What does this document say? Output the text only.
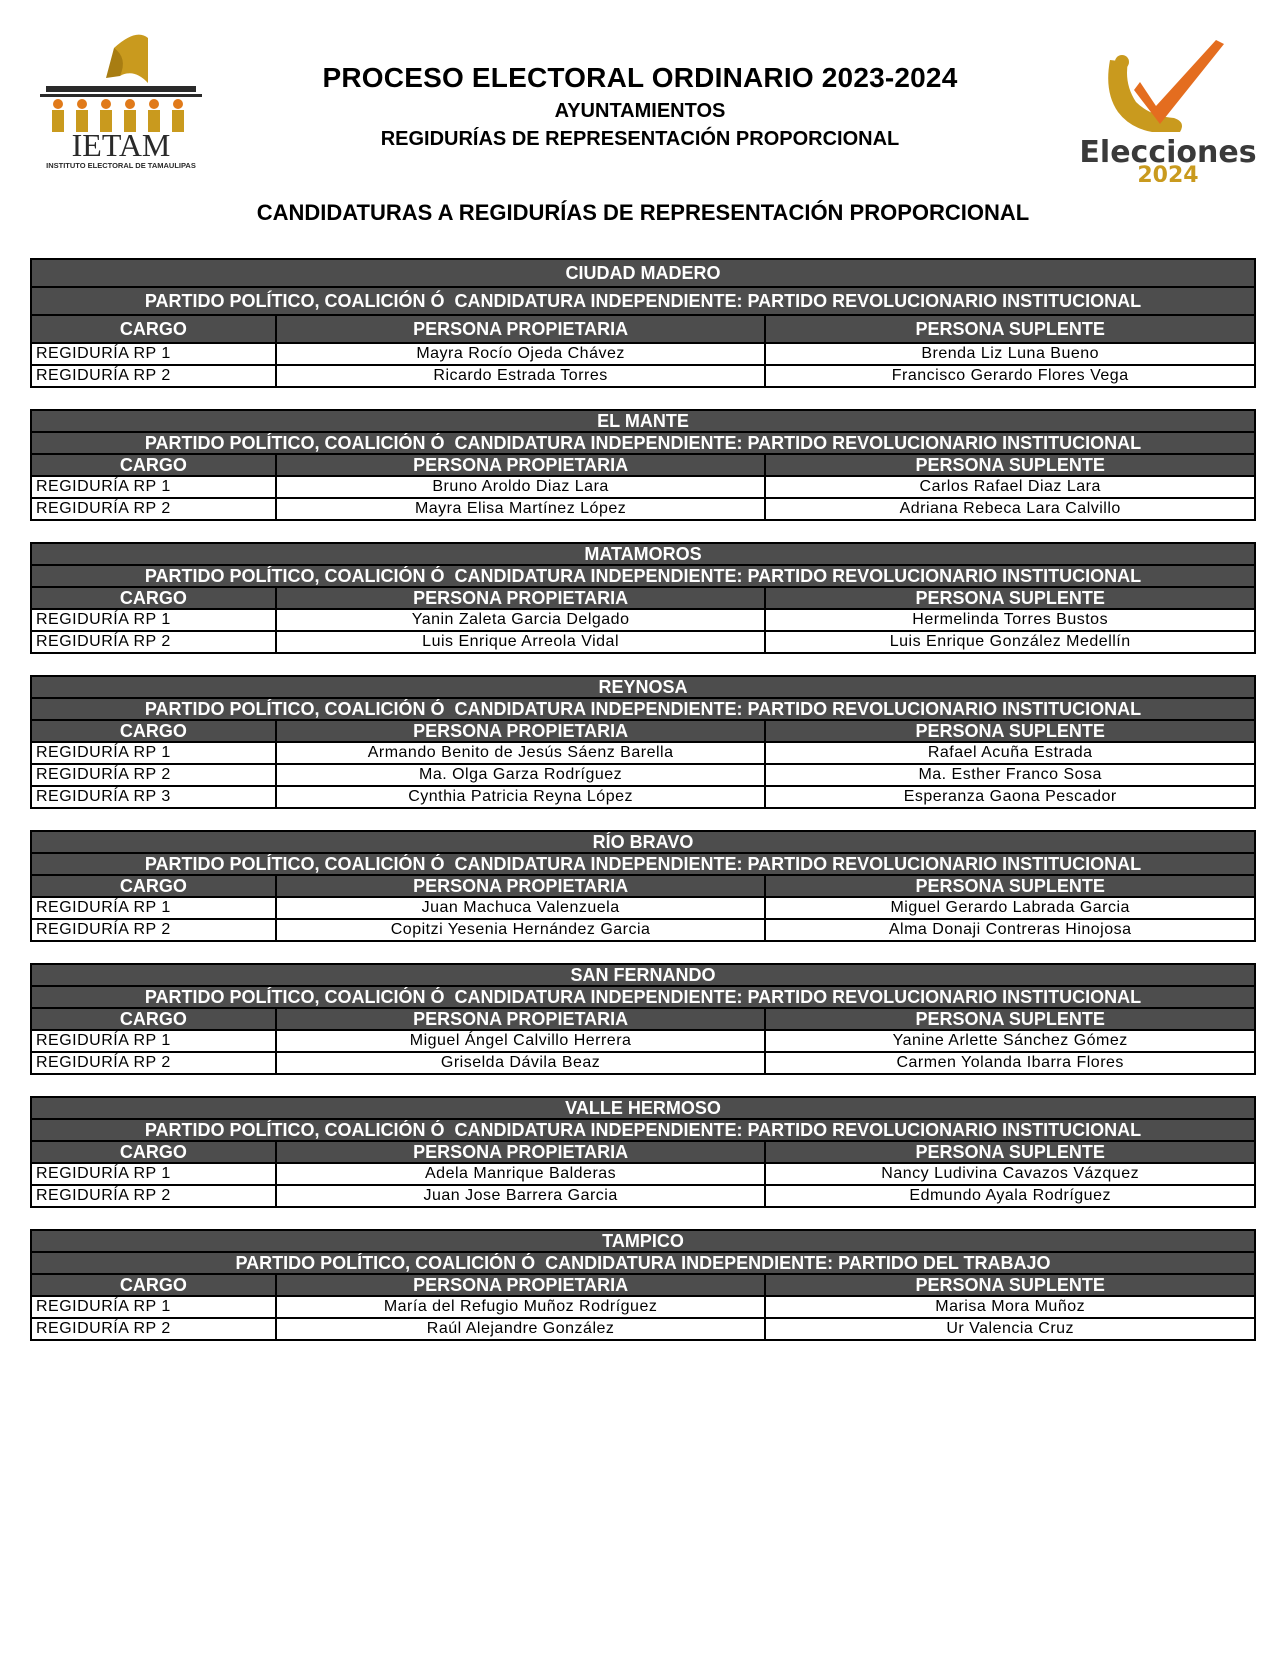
IETAM
INSTITUTO ELECTORAL DE TAMAULIPAS	Elecciones
2024
PROCESO ELECTORAL ORDINARIO 2023-2024
AYUNTAMIENTOS
REGIDURÍAS DE REPRESENTACIÓN PROPORCIONAL
CANDIDATURAS A REGIDURÍAS DE REPRESENTACIÓN PROPORCIONAL
CIUDAD MADERO		
PARTIDO POLÍTICO, COALICIÓN Ó  CANDIDATURA INDEPENDIENTE: PARTIDO REVOLUCIONARIO INSTITUCIONAL		
CARGO	PERSONA PROPIETARIA	PERSONA SUPLENTE
REGIDURÍA RP 1	Mayra Rocío Ojeda Chávez	Brenda Liz Luna Bueno
REGIDURÍA RP 2	Ricardo Estrada Torres	Francisco Gerardo Flores Vega
EL MANTE		
PARTIDO POLÍTICO, COALICIÓN Ó  CANDIDATURA INDEPENDIENTE: PARTIDO REVOLUCIONARIO INSTITUCIONAL		
CARGO	PERSONA PROPIETARIA	PERSONA SUPLENTE
REGIDURÍA RP 1	Bruno Aroldo Diaz Lara	Carlos Rafael Diaz Lara
REGIDURÍA RP 2	Mayra Elisa Martínez López	Adriana Rebeca Lara Calvillo
MATAMOROS		
PARTIDO POLÍTICO, COALICIÓN Ó  CANDIDATURA INDEPENDIENTE: PARTIDO REVOLUCIONARIO INSTITUCIONAL		
CARGO	PERSONA PROPIETARIA	PERSONA SUPLENTE
REGIDURÍA RP 1	Yanin Zaleta Garcia Delgado	Hermelinda Torres Bustos
REGIDURÍA RP 2	Luis Enrique Arreola Vidal	Luis Enrique González Medellín
REYNOSA		
PARTIDO POLÍTICO, COALICIÓN Ó  CANDIDATURA INDEPENDIENTE: PARTIDO REVOLUCIONARIO INSTITUCIONAL		
CARGO	PERSONA PROPIETARIA	PERSONA SUPLENTE
REGIDURÍA RP 1	Armando Benito de Jesús Sáenz Barella	Rafael Acuña Estrada
REGIDURÍA RP 2	Ma. Olga Garza Rodríguez	Ma. Esther Franco Sosa
REGIDURÍA RP 3	Cynthia Patricia Reyna López	Esperanza Gaona Pescador
RÍO BRAVO		
PARTIDO POLÍTICO, COALICIÓN Ó  CANDIDATURA INDEPENDIENTE: PARTIDO REVOLUCIONARIO INSTITUCIONAL		
CARGO	PERSONA PROPIETARIA	PERSONA SUPLENTE
REGIDURÍA RP 1	Juan Machuca Valenzuela	Miguel Gerardo Labrada Garcia
REGIDURÍA RP 2	Copitzi Yesenia Hernández Garcia	Alma Donaji Contreras Hinojosa
SAN FERNANDO		
PARTIDO POLÍTICO, COALICIÓN Ó  CANDIDATURA INDEPENDIENTE: PARTIDO REVOLUCIONARIO INSTITUCIONAL		
CARGO	PERSONA PROPIETARIA	PERSONA SUPLENTE
REGIDURÍA RP 1	Miguel Ángel Calvillo Herrera	Yanine Arlette Sánchez Gómez
REGIDURÍA RP 2	Griselda Dávila Beaz	Carmen Yolanda Ibarra Flores
VALLE HERMOSO		
PARTIDO POLÍTICO, COALICIÓN Ó  CANDIDATURA INDEPENDIENTE: PARTIDO REVOLUCIONARIO INSTITUCIONAL		
CARGO	PERSONA PROPIETARIA	PERSONA SUPLENTE
REGIDURÍA RP 1	Adela Manrique Balderas	Nancy Ludivina Cavazos Vázquez
REGIDURÍA RP 2	Juan Jose Barrera Garcia	Edmundo Ayala Rodríguez
TAMPICO		
PARTIDO POLÍTICO, COALICIÓN Ó  CANDIDATURA INDEPENDIENTE: PARTIDO DEL TRABAJO		
CARGO	PERSONA PROPIETARIA	PERSONA SUPLENTE
REGIDURÍA RP 1	María del Refugio Muñoz Rodríguez	Marisa Mora Muñoz
REGIDURÍA RP 2	Raúl Alejandre González	Ur Valencia Cruz
